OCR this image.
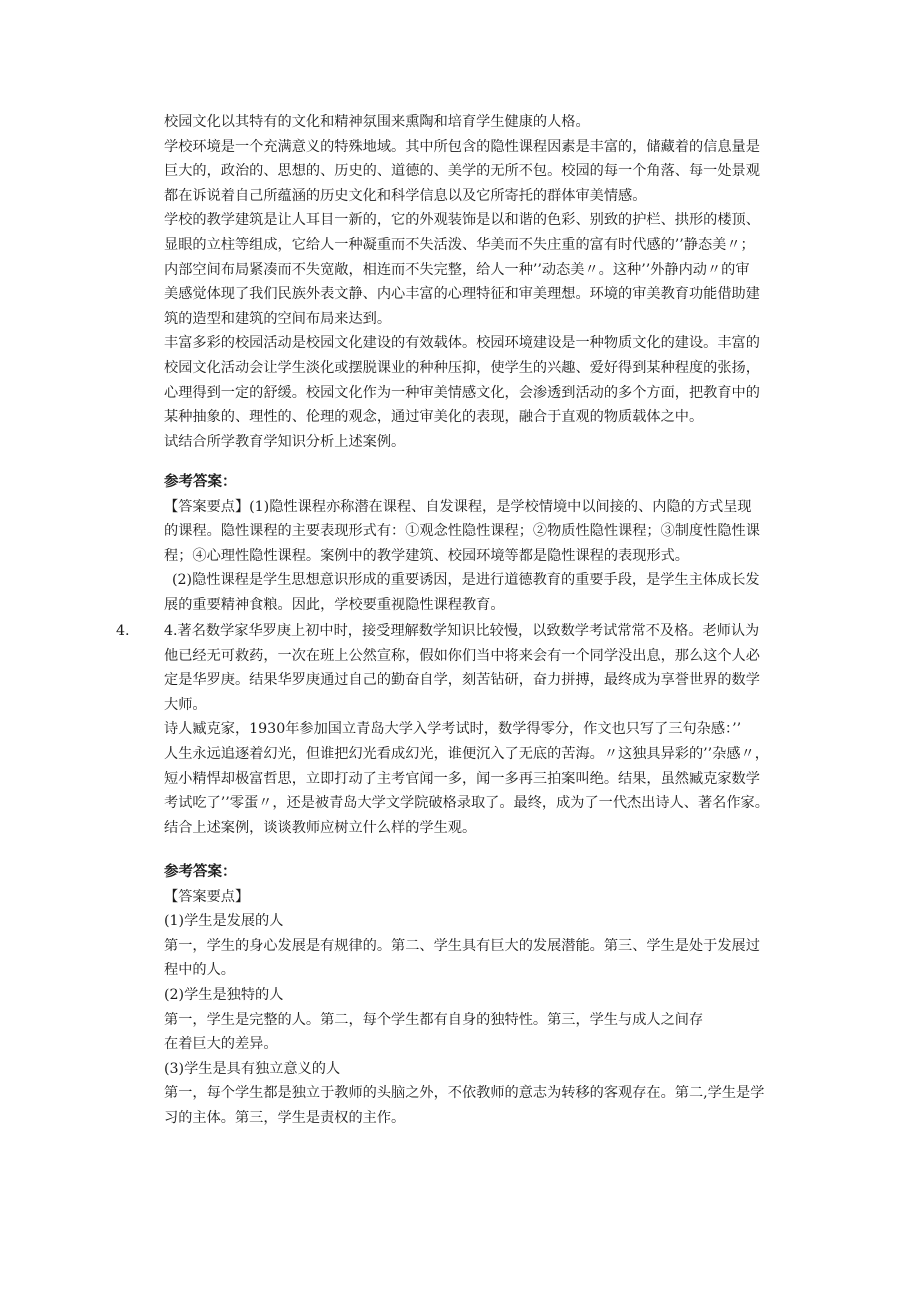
校园文化以其特有的文化和精神氛围来熏陶和培育学生健康的人格。

学校环境是一个充满意义的特殊地域。其中所包含的隐性课程因素是丰富的，储藏着的信息量是

巨大的，政治的、思想的、历史的、道德的、美学的无所不包。校园的每一个角落、每一处景观

都在诉说着自己所蕴涵的历史文化和科学信息以及它所寄托的群体审美情感。

学校的教学建筑是让人耳目一新的，它的外观装饰是以和谐的色彩、别致的护栏、拱形的楼顶、

显眼的立柱等组成，它给人一种凝重而不失活泼、华美而不失庄重的富有时代感的’’静态美〃；

内部空间布局紧凑而不失宽敞，相连而不失完整，给人一种’’动态美〃。这种’’外静内动〃的审

美感觉体现了我们民族外表文静、内心丰富的心理特征和审美理想。环境的审美教育功能借助建

筑的造型和建筑的空间布局来达到。

丰富多彩的校园活动是校园文化建设的有效载体。校园环境建设是一种物质文化的建设。丰富的

校园文化活动会让学生淡化或摆脱课业的种种压抑，使学生的兴趣、爱好得到某种程度的张扬，

心理得到一定的舒缓。校园文化作为一种审美情感文化，会渗透到活动的多个方面，把教育中的

某种抽象的、理性的、伦理的观念，通过审美化的表现，融合于直观的物质载体之中。

试结合所学教育学知识分析上述案例。

参考答案：

【答案要点】(1)隐性课程亦称潜在课程、自发课程，是学校情境中以间接的、内隐的方式呈现

的课程。隐性课程的主要表现形式有：①观念性隐性课程；②物质性隐性课程；③制度性隐性课

程；④心理性隐性课程。案例中的教学建筑、校园环境等都是隐性课程的表现形式。

(2)隐性课程是学生思想意识形成的重要诱因，是进行道德教育的重要手段，是学生主体成长发

展的重要精神食粮。因此，学校要重视隐性课程教育。

4. 4.著名数学家华罗庚上初中时，接受理解数学知识比较慢，以致数学考试常常不及格。老师认为

他已经无可救药，一次在班上公然宣称，假如你们当中将来会有一个同学没出息，那么这个人必

定是华罗庚。结果华罗庚通过自己的勤奋自学，刻苦钻研，奋力拼搏，最终成为享誉世界的数学

大师。

诗人臧克家，1930年参加国立青岛大学入学考试时，数学得零分，作文也只写了三句杂感：’’

人生永远追逐着幻光，但谁把幻光看成幻光，谁便沉入了无底的苦海。〃这独具异彩的’’杂感〃，

短小精悍却极富哲思，立即打动了主考官闻一多，闻一多再三拍案叫绝。结果，虽然臧克家数学

考试吃了’’零蛋〃，还是被青岛大学文学院破格录取了。最终，成为了一代杰出诗人、著名作家。

结合上述案例，谈谈教师应树立什么样的学生观。

参考答案：

【答案要点】

(1)学生是发展的人

第一，学生的身心发展是有规律的。第二、学生具有巨大的发展潜能。第三、学生是处于发展过

程中的人。

(2)学生是独特的人

第一，学生是完整的人。第二，每个学生都有自身的独特性。第三，学生与成人之间存

在着巨大的差异。

(3)学生是具有独立意义的人

第一，每个学生都是独立于教师的头脑之外，不依教师的意志为转移的客观存在。第二,学生是学

习的主体。第三，学生是责权的主作。
